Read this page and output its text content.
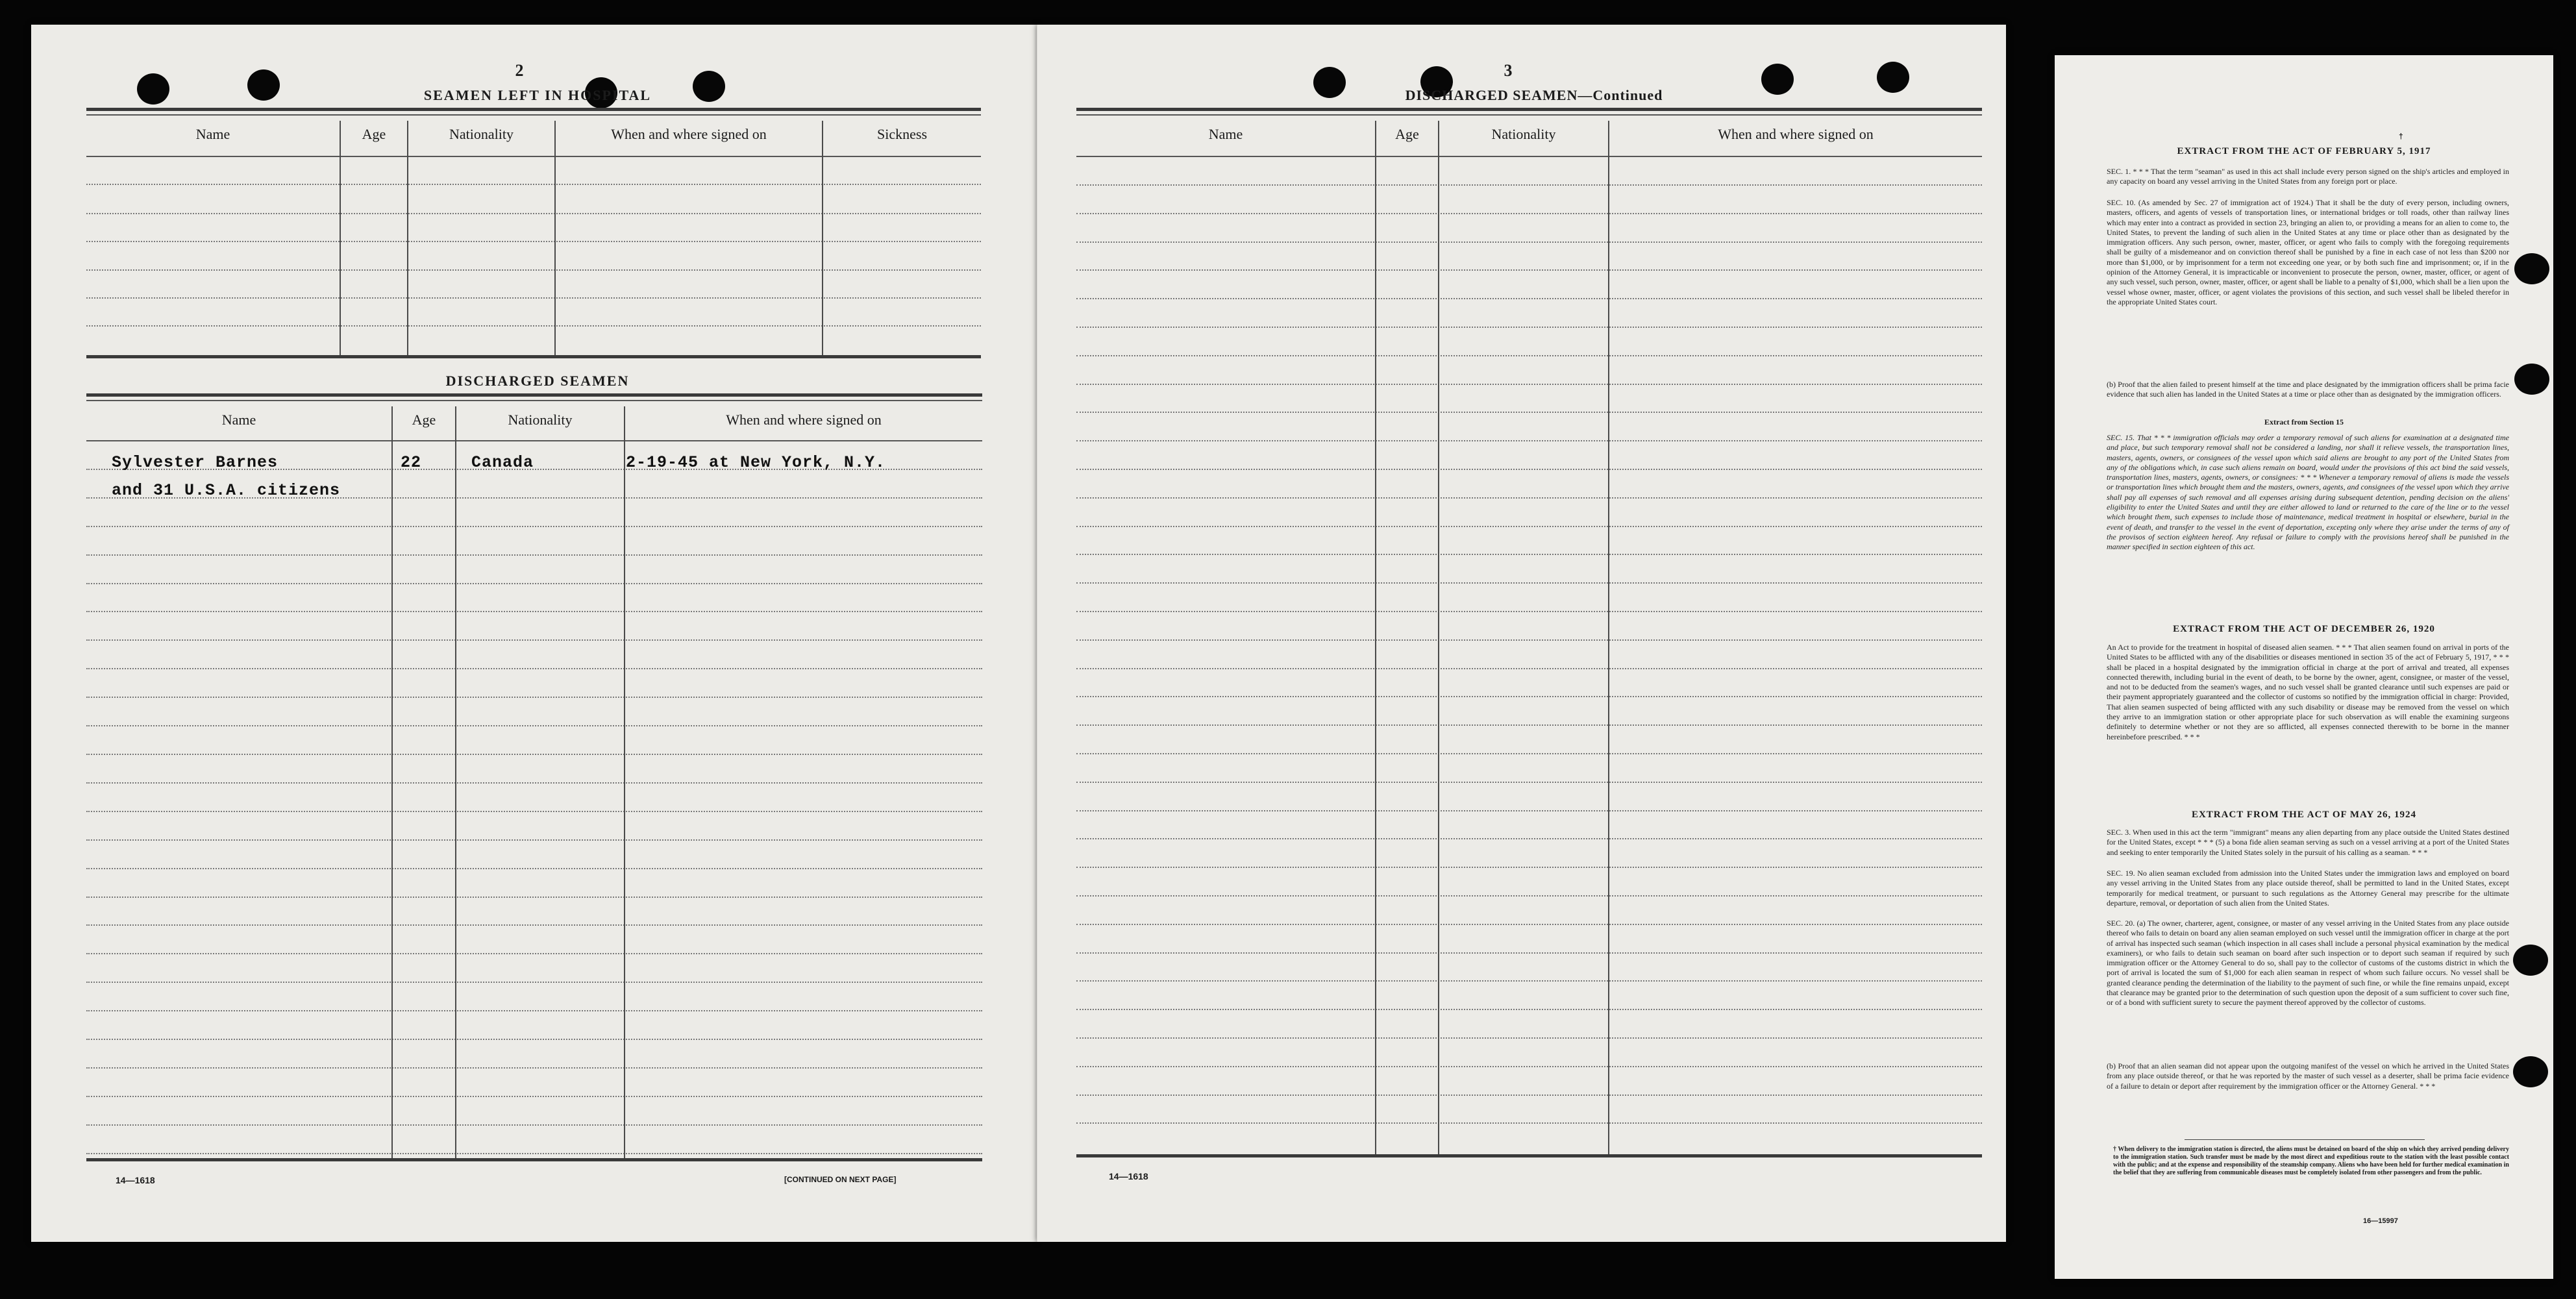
2
SEAMEN LEFT IN HOSPITAL
Name	Age	Nationality	When and where signed on	Sickness
DISCHARGED SEAMEN
Name	Age	Nationality	When and where signed on
Sylvester Barnes	22	Canada	2-19-45 at New York, N.Y.
and 31 U.S.A. citizens
14—1618	[CONTINUED ON NEXT PAGE]
3
DISCHARGED SEAMEN—Continued
Name	Age	Nationality	When and where signed on
14—1618
†
EXTRACT FROM THE ACT OF FEBRUARY 5, 1917
SEC. 1. * * * That the term "seaman" as used in this act shall include every person signed on the ship's articles and employed in any capacity on board any vessel arriving in the United States from any foreign port or place.
SEC. 10. (As amended by Sec. 27 of immigration act of 1924.) That it shall be the duty of every person, including owners, masters, officers, and agents of vessels of transportation lines, or international bridges or toll roads, other than railway lines which may enter into a contract as provided in section 23, bringing an alien to, or providing a means for an alien to come to, the United States, to prevent the landing of such alien in the United States at any time or place other than as designated by the immigration officers. Any such person, owner, master, officer, or agent who fails to comply with the foregoing requirements shall be guilty of a misdemeanor and on conviction thereof shall be punished by a fine in each case of not less than $200 nor more than $1,000, or by imprisonment for a term not exceeding one year, or by both such fine and imprisonment; or, if in the opinion of the Attorney General, it is impracticable or inconvenient to prosecute the person, owner, master, officer, or agent of any such vessel, such person, owner, master, officer, or agent shall be liable to a penalty of $1,000, which shall be a lien upon the vessel whose owner, master, officer, or agent violates the provisions of this section, and such vessel shall be libeled therefor in the appropriate United States court.
(b) Proof that the alien failed to present himself at the time and place designated by the immigration officers shall be prima facie evidence that such alien has landed in the United States at a time or place other than as designated by the immigration officers.
Extract from Section 15
SEC. 15. That * * * immigration officials may order a temporary removal of such aliens for examination at a designated time and place, but such temporary removal shall not be considered a landing, nor shall it relieve vessels, the transportation lines, masters, agents, owners, or consignees of the vessel upon which said aliens are brought to any port of the United States from any of the obligations which, in case such aliens remain on board, would under the provisions of this act bind the said vessels, transportation lines, masters, agents, owners, or consignees: * * * Whenever a temporary removal of aliens is made the vessels or transportation lines which brought them and the masters, owners, agents, and consignees of the vessel upon which they arrive shall pay all expenses of such removal and all expenses arising during subsequent detention, pending decision on the aliens' eligibility to enter the United States and until they are either allowed to land or returned to the care of the line or to the vessel which brought them, such expenses to include those of maintenance, medical treatment in hospital or elsewhere, burial in the event of death, and transfer to the vessel in the event of deportation, excepting only where they arise under the terms of any of the provisos of section eighteen hereof. Any refusal or failure to comply with the provisions hereof shall be punished in the manner specified in section eighteen of this act.
EXTRACT FROM THE ACT OF DECEMBER 26, 1920
An Act to provide for the treatment in hospital of diseased alien seamen. * * * That alien seamen found on arrival in ports of the United States to be afflicted with any of the disabilities or diseases mentioned in section 35 of the act of February 5, 1917, * * * shall be placed in a hospital designated by the immigration official in charge at the port of arrival and treated, all expenses connected therewith, including burial in the event of death, to be borne by the owner, agent, consignee, or master of the vessel, and not to be deducted from the seamen's wages, and no such vessel shall be granted clearance until such expenses are paid or their payment appropriately guaranteed and the collector of customs so notified by the immigration official in charge: Provided, That alien seamen suspected of being afflicted with any such disability or disease may be removed from the vessel on which they arrive to an immigration station or other appropriate place for such observation as will enable the examining surgeons definitely to determine whether or not they are so afflicted, all expenses connected therewith to be borne in the manner hereinbefore prescribed. * * *
EXTRACT FROM THE ACT OF MAY 26, 1924
SEC. 3. When used in this act the term "immigrant" means any alien departing from any place outside the United States destined for the United States, except * * * (5) a bona fide alien seaman serving as such on a vessel arriving at a port of the United States and seeking to enter temporarily the United States solely in the pursuit of his calling as a seaman. * * *
SEC. 19. No alien seaman excluded from admission into the United States under the immigration laws and employed on board any vessel arriving in the United States from any place outside thereof, shall be permitted to land in the United States, except temporarily for medical treatment, or pursuant to such regulations as the Attorney General may prescribe for the ultimate departure, removal, or deportation of such alien from the United States.
SEC. 20. (a) The owner, charterer, agent, consignee, or master of any vessel arriving in the United States from any place outside thereof who fails to detain on board any alien seaman employed on such vessel until the immigration officer in charge at the port of arrival has inspected such seaman (which inspection in all cases shall include a personal physical examination by the medical examiners), or who fails to detain such seaman on board after such inspection or to deport such seaman if required by such immigration officer or the Attorney General to do so, shall pay to the collector of customs of the customs district in which the port of arrival is located the sum of $1,000 for each alien seaman in respect of whom such failure occurs. No vessel shall be granted clearance pending the determination of the liability to the payment of such fine, or while the fine remains unpaid, except that clearance may be granted prior to the determination of such question upon the deposit of a sum sufficient to cover such fine, or of a bond with sufficient surety to secure the payment thereof approved by the collector of customs.
(b) Proof that an alien seaman did not appear upon the outgoing manifest of the vessel on which he arrived in the United States from any place outside thereof, or that he was reported by the master of such vessel as a deserter, shall be prima facie evidence of a failure to detain or deport after requirement by the immigration officer or the Attorney General. * * *
† When delivery to the immigration station is directed, the aliens must be detained on board of the ship on which they arrived pending delivery to the immigration station. Such transfer must be made by the most direct and expeditious route to the station with the least possible contact with the public; and at the expense and responsibility of the steamship company. Aliens who have been held for further medical examination in the belief that they are suffering from communicable diseases must be completely isolated from other passengers and from the public.
16—15997
